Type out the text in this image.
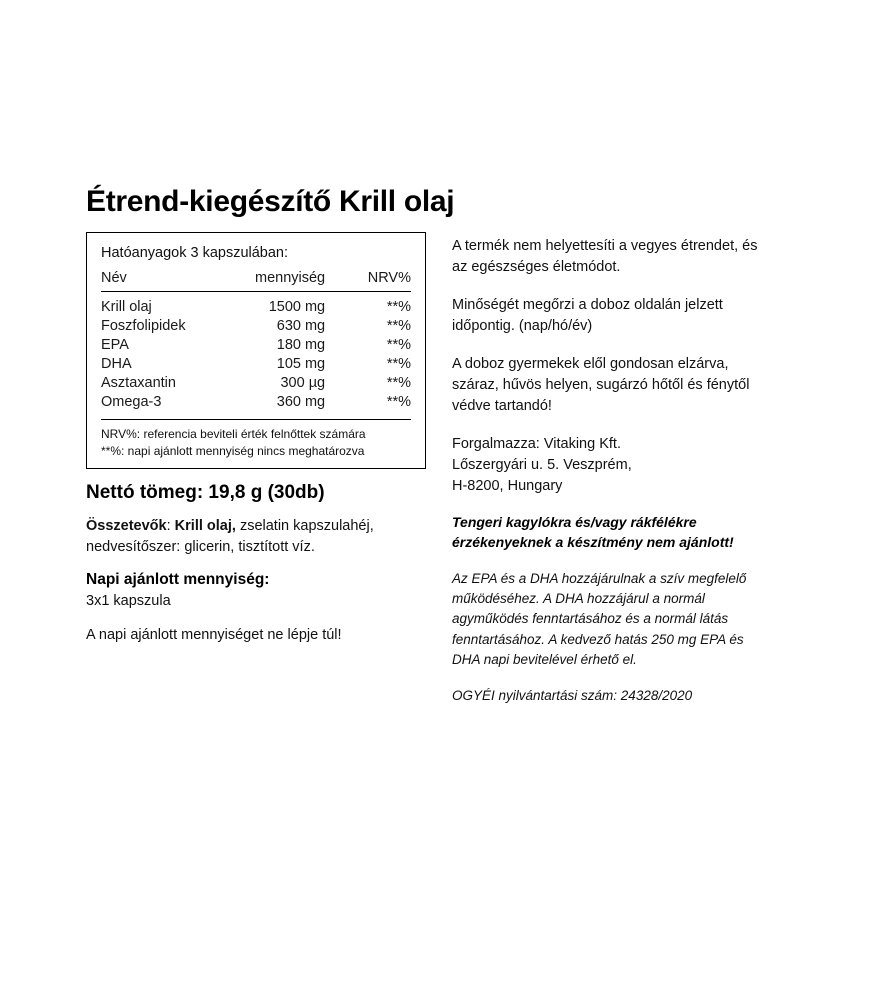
Étrend-kiegészítő Krill olaj
Hatóanyagok 3 kapszulában:
Név	mennyiség	NRV%
Krill olaj	1500 mg	**%
Foszfolipidek	630 mg	**%
EPA	180 mg	**%
DHA	105 mg	**%
Asztaxantin	300 µg	**%
Omega-3	360 mg	**%
NRV%: referencia beviteli érték felnőttek számára
**%: napi ajánlott mennyiség nincs meghatározva
Nettó tömeg: 19,8 g (30db)

Összetevők: Krill olaj, zselatin kapszulahéj, nedvesítőszer: glicerin, tisztított víz.

Napi ajánlott mennyiség:

3x1 kapszula

A napi ajánlott mennyiséget ne lépje túl!

A termék nem helyettesíti a vegyes étrendet, és az egészséges életmódot.

Minőségét megőrzi a doboz oldalán jelzett időpontig. (nap/hó/év)

A doboz gyermekek elől gondosan elzárva, száraz, hűvös helyen, sugárzó hőtől és fénytől védve tartandó!

Forgalmazza: Vitaking Kft.
Lőszergyári u. 5. Veszprém,
H-8200, Hungary

Tengeri kagylókra és/vagy rákfélékre érzékenyeknek a készítmény nem ajánlott!

Az EPA és a DHA hozzájárulnak a szív megfelelő működéséhez. A DHA hozzájárul a normál agyműködés fenntartásához és a normál látás fenntartásához. A kedvező hatás 250 mg EPA és DHA napi bevitelével érhető el.

OGYÉI nyilvántartási szám: 24328/2020
